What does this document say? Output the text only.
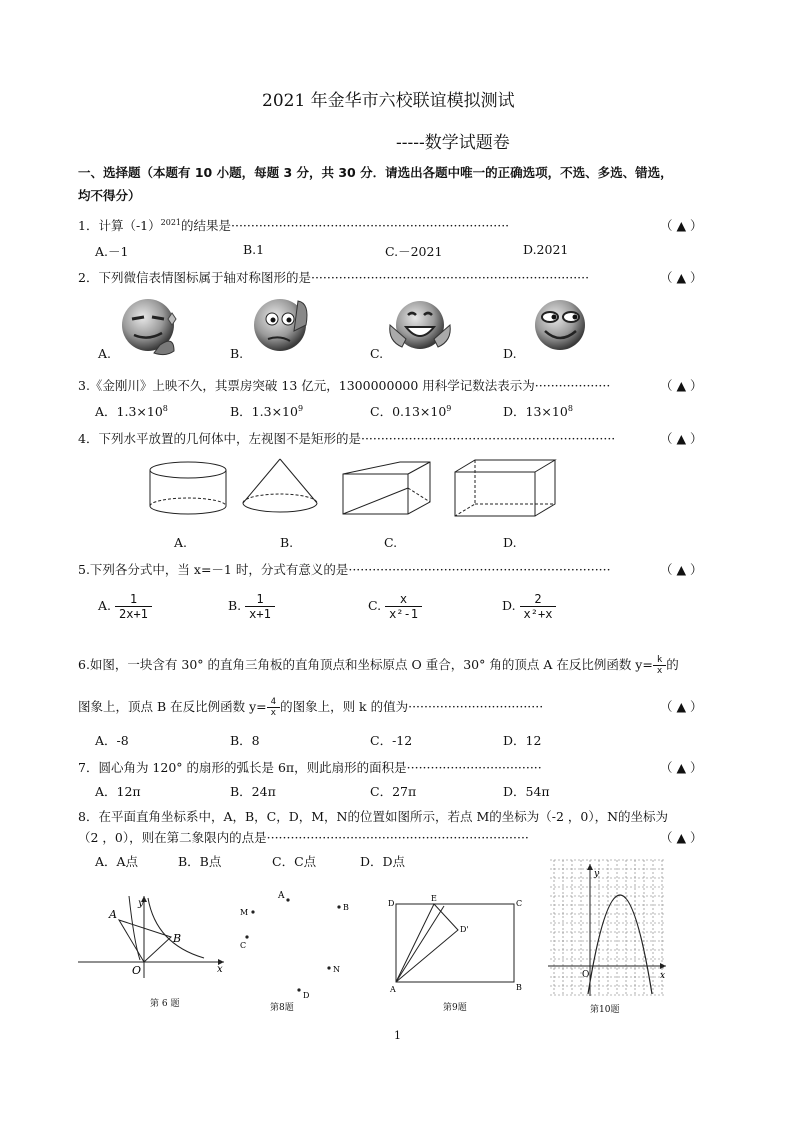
2021 年金华市六校联谊模拟测试
-----数学试题卷
一、选择题（本题有 10 小题，每题 3 分，共 30 分．请选出各题中唯一的正确选项，不选、多选、错选，
均不得分）
1．计算$(-1)^{2021}$的结果是······································································	（ ▲ ）
A.－1	B.1	C.－2021	D.2021
2．下列微信表情图标属于轴对称图形的是······································································	（ ▲ ）
A.	B.	C.	D.
3.《金刚川》上映不久，其票房突破 13 亿元，1300000000 用科学记数法表示为···················	（ ▲ ）
A．$1.3\times 10^8$	B．$1.3\times 10^9$	C．$0.13\times 10^9$	D．$13\times 10^8$
4．下列水平放置的几何体中，左视图不是矩形的是································································	（ ▲ ）
A.	B.	C.	D.
5.下列各分式中，当 x=－1 时，分式有意义的是··································································	（ ▲ ）
A. $\frac{1}{2x+1}$	B. $\frac{1}{x+1}$	C. $\frac{x}{\text{x²-1}}$	D. $\frac{2}{\text{x²+x}}$
6.如图，一块含有 30° 的直角三角板的直角顶点和坐标原点 O 重合，30° 角的顶点 A 在反比例函数 $y= \frac{k}{x}$ 的
图象上，顶点 B 在反比例函数 $y= \frac{4}{x}$ 的图象上，则 k 的值为··································	（ ▲ ）
A．-8	B．8	C．-12	D．12
7．圆心角为 120° 的扇形的弧长是 6π，则此扇形的面积是··································	（ ▲ ）
A．12π	B．24π	C．27π	D．54π
8．在平面直角坐标系中，A，B，C，D，M，N的位置如图所示，若点 M的坐标为（-2 ，0），N的坐标为
（2 ，0），则在第二象限内的点是··································································	（ ▲ ）
A．A点	B．B点	C．C点	D．D点
A
B
O	x
y
第 6 题
A
B
M
C
N
D
第8题
D
E
C
D'
A	B
第9题
O	x
y
第10题
1
